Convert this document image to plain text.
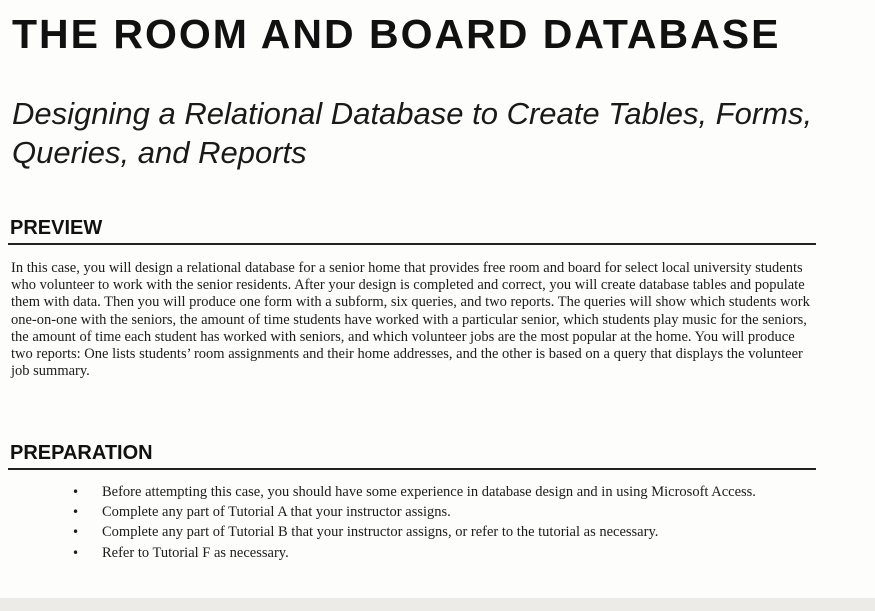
THE ROOM AND BOARD DATABASE
Designing a Relational Database to Create Tables, Forms, Queries, and Reports
PREVIEW

In this case, you will design a relational database for a senior home that provides free room and board for select local university students who volunteer to work with the senior residents. After your design is completed and correct, you will create database tables and populate them with data. Then you will produce one form with a subform, six queries, and two reports. The queries will show which students work one-on-one with the seniors, the amount of time students have worked with a particular senior, which students play music for the seniors, the amount of time each student has worked with seniors, and which volunteer jobs are the most popular at the home. You will produce two reports: One lists students’ room assignments and their home addresses, and the other is based on a query that displays the volunteer job summary.

PREPARATION
• Before attempting this case, you should have some experience in database design and in using Microsoft Access.
• Complete any part of Tutorial A that your instructor assigns.
• Complete any part of Tutorial B that your instructor assigns, or refer to the tutorial as necessary.
• Refer to Tutorial F as necessary.
